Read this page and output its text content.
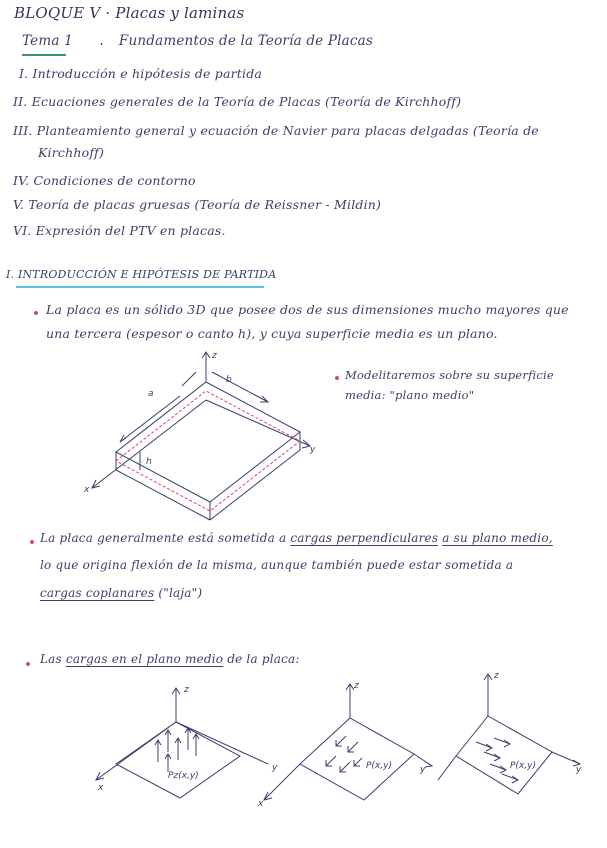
BLOQUE V · Placas y laminas
Tema 1 .  Fundamentos de la Teoría de Placas
I. Introducción e hipótesis de partida
II. Ecuaciones generales de la Teoría de Placas (Teoría de Kirchhoff)
III. Planteamiento general y ecuación de Navier para placas delgadas (Teoría de
Kirchhoff)
IV. Condiciones de contorno
V. Teoría de placas gruesas (Teoría de Reissner - Mildin)
VI. Expresión del PTV en placas.
I. INTRODUCCIÓN E HIPÓTESIS DE PARTIDA
La placa es un sólido 3D que posee dos de sus dimensiones mucho mayores que
una tercera (espesor o canto h), y cuya superficie media es un plano.
Modelitaremos sobre su superficie
media: "plano medio"
z
y
x
a
b
h
La placa generalmente está sometida a cargas perpendiculares a su plano medio,
lo que origina flexión de la misma, aunque también puede estar sometida a
cargas coplanares ("laja")
Las cargas en el plano medio de la placa:
z
y
x
Pz(x,y)
z
y
x
P(x,y)
z
y
P(x,y)
